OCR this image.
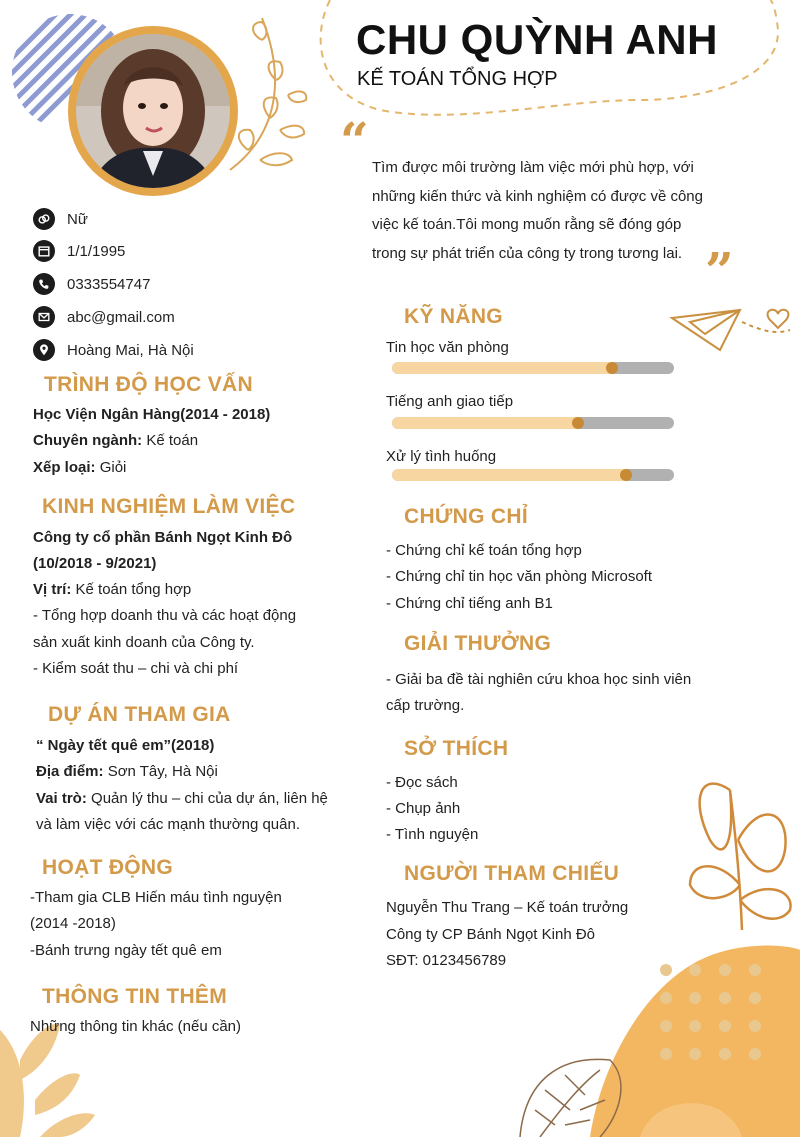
CHU QUỲNH ANH
KẾ TOÁN TỔNG HỢP
“
”
Tìm được môi trường làm việc mới phù hợp, với
những kiến thức và kinh nghiệm có được về công
việc kế toán.Tôi mong muốn rằng sẽ đóng góp
trong sự phát triển của công ty trong tương lai.
Nữ
1/1/1995
0333554747
abc@gmail.com
Hoàng Mai, Hà Nội
TRÌNH ĐỘ HỌC VẤN
Học Viện Ngân Hàng(2014 - 2018)
Chuyên ngành: Kế toán
Xếp loại: Giỏi
KINH NGHIỆM LÀM VIỆC
Công ty cổ phần Bánh Ngọt Kinh Đô
(10/2018 - 9/2021)
Vị trí: Kế toán tổng hợp
- Tổng hợp doanh thu và các hoạt động
sản xuất kinh doanh của Công ty.
- Kiểm soát thu – chi và chi phí
DỰ ÁN THAM GIA
“ Ngày tết quê em”(2018)
Địa điểm: Sơn Tây, Hà Nội
Vai trò: Quản lý thu – chi của dự án, liên hệ
và làm việc với các mạnh thường quân.
HOẠT ĐỘNG
-Tham gia CLB Hiến máu tình nguyện
(2014 -2018)
-Bánh trưng ngày tết quê em
THÔNG TIN THÊM
Những thông tin khác (nếu cần)
KỸ NĂNG
Tin học văn phòng
Tiếng anh giao tiếp
Xử lý tình huống
CHỨNG CHỈ
- Chứng chỉ kế toán tổng hợp
- Chứng chỉ tin học văn phòng Microsoft
- Chứng chỉ tiếng anh B1
GIẢI THƯỞNG
- Giải ba đề tài nghiên cứu khoa học sinh viên
cấp trường.
SỞ THÍCH
- Đọc sách
- Chụp ảnh
- Tình nguyện
NGƯỜI THAM CHIẾU
Nguyễn Thu Trang – Kế toán trưởng
Công ty CP Bánh Ngọt Kinh Đô
SĐT: 0123456789
